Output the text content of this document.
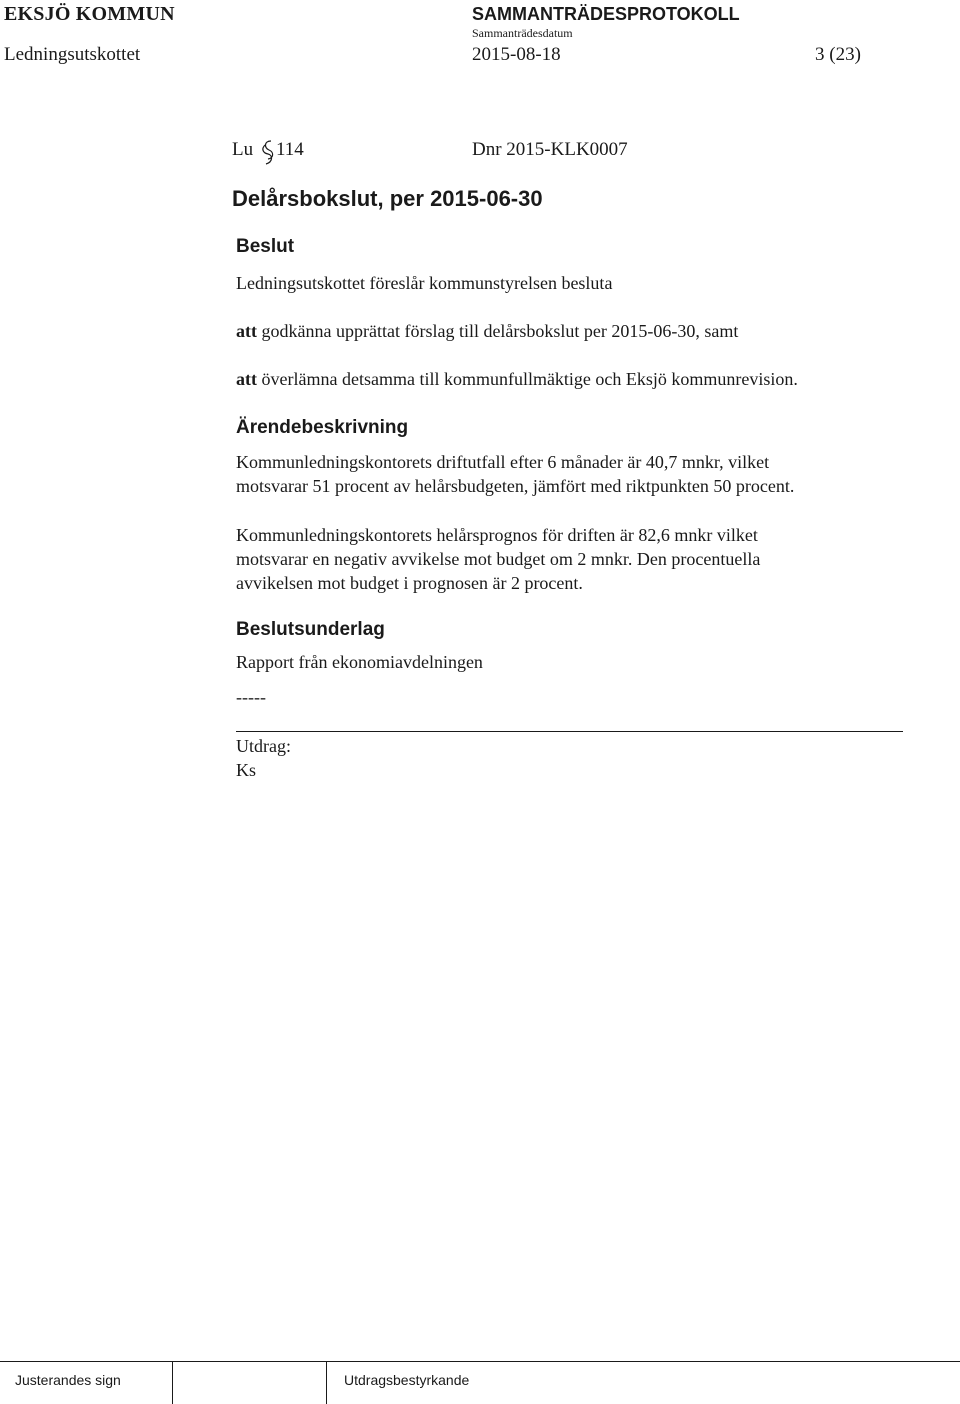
EKSJÖ KOMMUN	SAMMANTRÄDESPROTOKOLL
Sammanträdesdatum
Ledningsutskottet	2015-08-18	3 (23)
Lu 114	Dnr 2015-KLK0007
Delårsbokslut, per 2015-06-30
Beslut
Ledningsutskottet föreslår kommunstyrelsen besluta
att godkänna upprättat förslag till delårsbokslut per 2015-06-30, samt
att överlämna detsamma till kommunfullmäktige och Eksjö kommunrevision.
Ärendebeskrivning
Kommunledningskontorets driftutfall efter 6 månader är 40,7 mnkr, vilket
motsvarar 51 procent av helårsbudgeten, jämfört med riktpunkten 50 procent.
Kommunledningskontorets helårsprognos för driften är 82,6 mnkr vilket
motsvarar en negativ avvikelse mot budget om 2 mnkr. Den procentuella
avvikelsen mot budget i prognosen är 2 procent.
Beslutsunderlag
Rapport från ekonomiavdelningen
-----
Utdrag:
Ks
Justerandes sign	Utdragsbestyrkande
